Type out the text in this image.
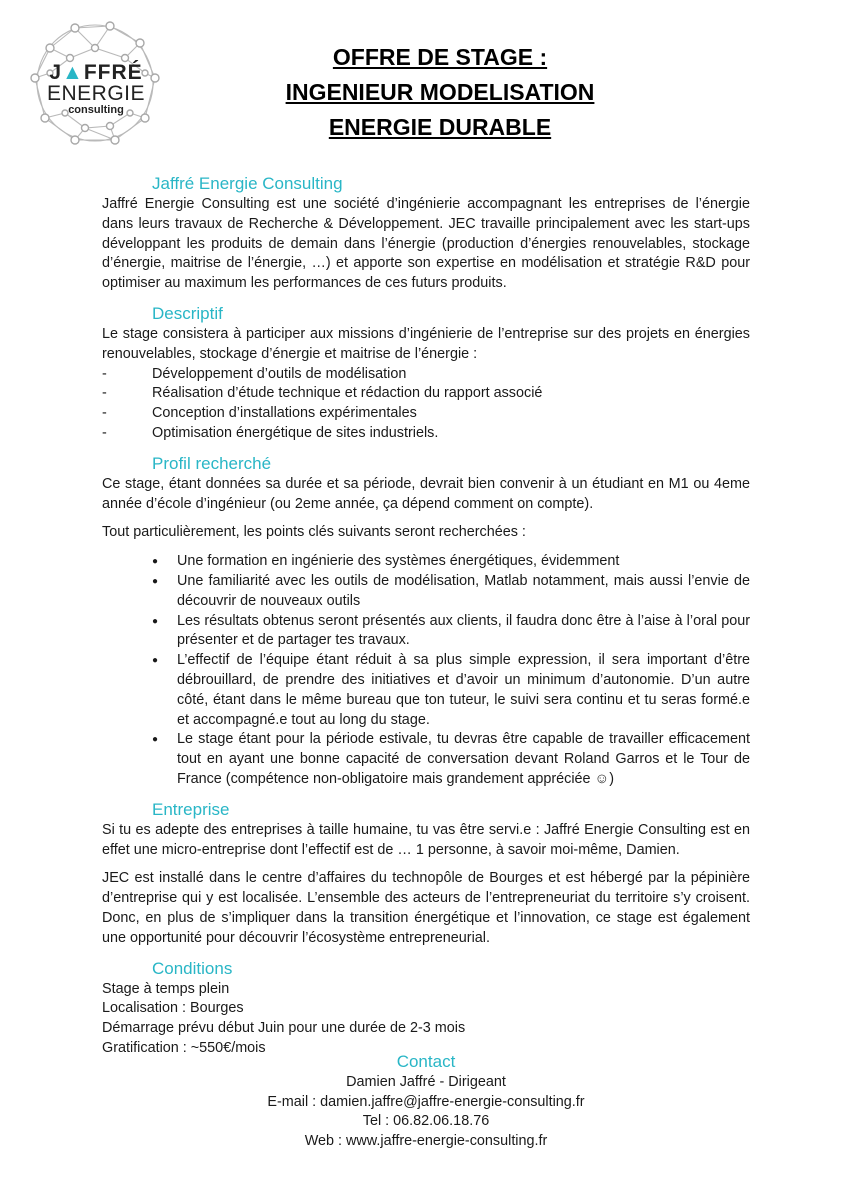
J▲FFRÉ
ENERGIE
consulting
OFFRE DE STAGE :
INGENIEUR MODELISATION
ENERGIE DURABLE
Jaffré Energie Consulting

Jaffré Energie Consulting est une société d’ingénierie accompagnant les entreprises de l’énergie dans leurs travaux de Recherche & Développement. JEC travaille principalement avec les start-ups développant les produits de demain dans l’énergie (production d’énergies renouvelables, stockage d’énergie, maitrise de l’énergie, …) et apporte son expertise en modélisation et stratégie R&D pour optimiser au maximum les performances de ces futurs produits.

Descriptif

Le stage consistera à participer aux missions d’ingénierie de l’entreprise sur des projets en énergies renouvelables, stockage d’énergie et maitrise de l’énergie :

-	Développement d’outils de modélisation
-	Réalisation d’étude technique et rédaction du rapport associé
-	Conception d’installations expérimentales
-	Optimisation énergétique de sites industriels.
Profil recherché

Ce stage, étant données sa durée et sa période, devrait bien convenir à un étudiant en M1 ou 4eme année d’école d’ingénieur (ou 2eme année, ça dépend comment on compte).

Tout particulièrement, les points clés suivants seront recherchées :

● Une formation en ingénierie des systèmes énergétiques, évidemment
● Une familiarité avec les outils de modélisation, Matlab notamment, mais aussi l’envie de découvrir de nouveaux outils
● Les résultats obtenus seront présentés aux clients, il faudra donc être à l’aise à l’oral pour présenter et de partager tes travaux.
● L’effectif de l’équipe étant réduit à sa plus simple expression, il sera important d’être débrouillard, de prendre des initiatives et d’avoir un minimum d’autonomie. D’un autre côté, étant dans le même bureau que ton tuteur, le suivi sera continu et tu seras formé.e et accompagné.e tout au long du stage.
● Le stage étant pour la période estivale, tu devras être capable de travailler efficacement tout en ayant une bonne capacité de conversation devant Roland Garros et le Tour de France (compétence non-obligatoire mais grandement appréciée ☺)
Entreprise

Si tu es adepte des entreprises à taille humaine, tu vas être servi.e : Jaffré Energie Consulting est en effet une micro-entreprise dont l’effectif est de … 1 personne, à savoir moi-même, Damien.

JEC est installé dans le centre d’affaires du technopôle de Bourges et est hébergé par la pépinière d’entreprise qui y est localisée. L’ensemble des acteurs de l’entrepreneuriat du territoire s’y croisent. Donc, en plus de s’impliquer dans la transition énergétique et l’innovation, ce stage est également une opportunité pour découvrir l’écosystème entrepreneurial.

Conditions

Stage à temps plein

Localisation : Bourges

Démarrage prévu début Juin pour une durée de 2-3 mois

Gratification : ~550€/mois

Contact
Damien Jaffré - Dirigeant
E-mail : damien.jaffre@jaffre-energie-consulting.fr
Tel : 06.82.06.18.76
Web : www.jaffre-energie-consulting.fr
